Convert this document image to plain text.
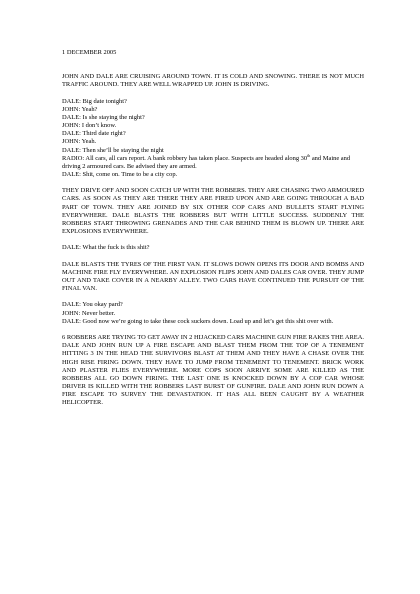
1 DECEMBER 2005

JOHN AND DALE ARE CRUISING AROUND TOWN. IT IS COLD AND SNOWING. THERE IS NOT MUCH TRAFFIC AROUND. THEY ARE WELL WRAPPED UP. JOHN IS DRIVING.

DALE: Big date tonight?
JOHN: Yeah?
DALE: Is she staying the night?
JOHN: I don’t know.
DALE: Third date right?
JOHN: Yeah.
DALE: Then she’ll be staying the night
RADIO: All cars, all cars report. A bank robbery has taken place. Suspects are headed along 30th and Maine and driving 2 armoured cars. Be advised they are armed.
DALE: Shit, come on. Time to be a city cop.

THEY DRIVE OFF AND SOON CATCH UP WITH THE ROBBERS. THEY ARE CHASING TWO ARMOURED CARS. AS SOON AS THEY ARE THERE THEY ARE FIRED UPON AND ARE GOING THROUGH A BAD PART OF TOWN. THEY ARE JOINED BY SIX OTHER COP CARS AND BULLETS START FLYING EVERYWHERE. DALE BLASTS THE ROBBERS BUT WITH LITTLE SUCCESS. SUDDENLY THE ROBBERS START THROWING GRENADES AND THE CAR BEHIND THEM IS BLOWN UP. THERE ARE EXPLOSIONS EVERYWHERE.

DALE: What the fuck is this shit?

DALE BLASTS THE TYRES OF THE FIRST VAN. IT SLOWS DOWN OPENS ITS DOOR AND BOMBS AND MACHINE FIRE FLY EVERYWHERE. AN EXPLOSION FLIPS JOHN AND DALES CAR OVER. THEY JUMP OUT AND TAKE COVER IN A NEARBY ALLEY. TWO CARS HAVE CONTINUED THE PURSUIT OF THE FINAL VAN.

DALE: You okay pard?
JOHN: Never better.
DALE: Good now we’re going to take these cock suckers down. Load up and let’s get this shit over with.

6 ROBBERS ARE TRYING TO GET AWAY IN 2 HIJACKED CARS MACHINE GUN FIRE RAKES THE AREA. DALE AND JOHN RUN UP A FIRE ESCAPE AND BLAST THEM FROM THE TOP OF A TENEMENT HITTING 3 IN THE HEAD THE SURVIVORS BLAST AT THEM AND THEY HAVE A CHASE OVER THE HIGH RISE FIRING DOWN. THEY HAVE TO JUMP FROM TENEMENT TO TENEMENT. BRICK WORK AND PLASTER FLIES EVERYWHERE. MORE COPS SOON ARRIVE SOME ARE KILLED AS THE ROBBERS ALL GO DOWN FIRING. THE LAST ONE IS KNOCKED DOWN BY A COP CAR WHOSE DRIVER IS KILLED WITH THE ROBBERS LAST BURST OF GUNFIRE. DALE AND JOHN RUN DOWN A FIRE ESCAPE TO SURVEY THE DEVASTATION. IT HAS ALL BEEN CAUGHT BY A WEATHER HELICOPTER.
